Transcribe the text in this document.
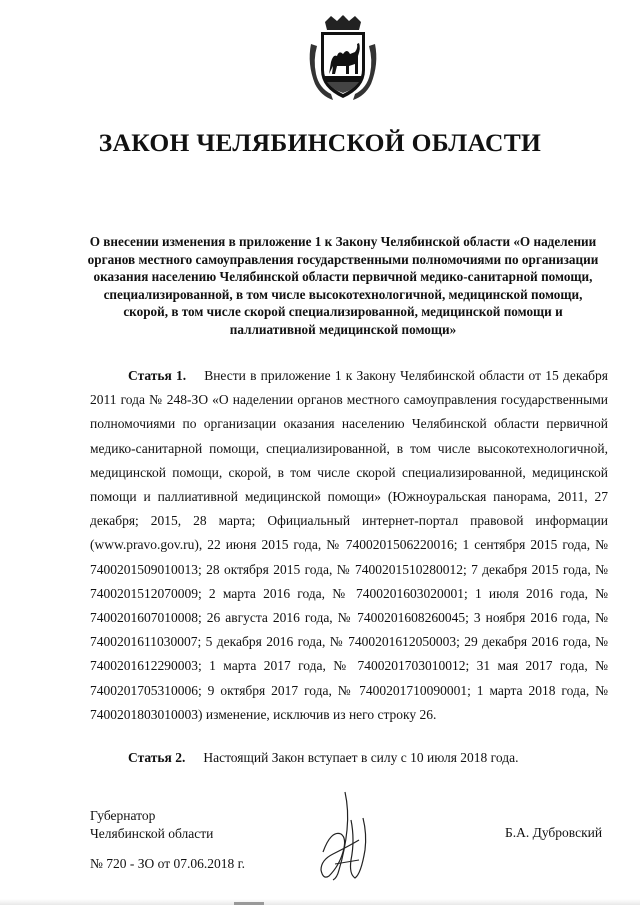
ЗАКОН ЧЕЛЯБИНСКОЙ ОБЛАСТИ
О внесении изменения в приложение 1 к Закону Челябинской области «О наделении органов местного самоуправления государственными полномочиями по организации оказания населению Челябинской области первичной медико-санитарной помощи, специализированной, в том числе высокотехнологичной, медицинской помощи, скорой, в том числе скорой специализированной, медицинской помощи и паллиативной медицинской помощи»
Статья 1. Внести в приложение 1 к Закону Челябинской области от 15 декабря 2011 года № 248-ЗО «О наделении органов местного самоуправления государственными полномочиями по организации оказания населению Челябинской области первичной медико-санитарной помощи, специализированной, в том числе высокотехнологичной, медицинской помощи, скорой, в том числе скорой специализированной, медицинской помощи и паллиативной медицинской помощи» (Южноуральская панорама, 2011, 27 декабря; 2015, 28 марта; Официальный интернет-портал правовой информации (www.pravo.gov.ru), 22 июня 2015 года, № 7400201506220016; 1 сентября 2015 года, № 7400201509010013; 28 октября 2015 года, № 7400201510280012; 7 декабря 2015 года, № 7400201512070009; 2 марта 2016 года, № 7400201603020001; 1 июля 2016 года, № 7400201607010008; 26 августа 2016 года, № 7400201608260045; 3 ноября 2016 года, № 7400201611030007; 5 декабря 2016 года, № 7400201612050003; 29 декабря 2016 года, № 7400201612290003; 1 марта 2017 года, № 7400201703010012; 31 мая 2017 года, № 7400201705310006; 9 октября 2017 года, № 7400201710090001; 1 марта 2018 года, № 7400201803010003) изменение, исключив из него строку 26.
Статья 2. Настоящий Закон вступает в силу с 10 июля 2018 года.
Губернатор
Челябинской области	Б.А. Дубровский
№ 720 - ЗО от 07.06.2018 г.
